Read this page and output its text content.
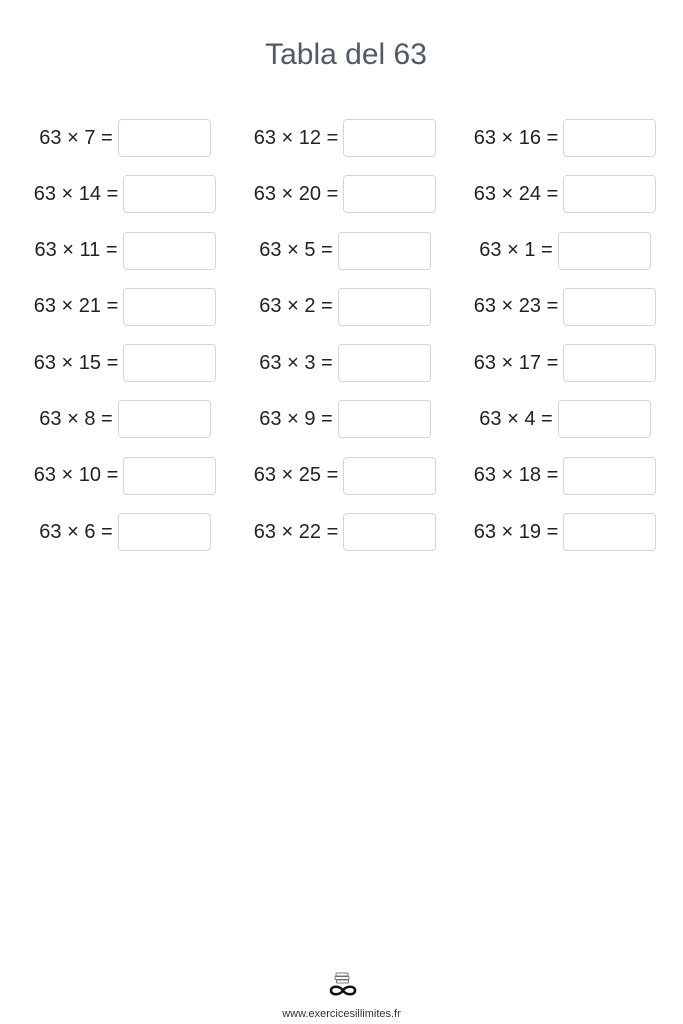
Tabla del 63
63 × 7 =	63 × 12 =	63 × 16 =
63 × 14 =	63 × 20 =	63 × 24 =
63 × 11 =	63 × 5 =	63 × 1 =
63 × 21 =	63 × 2 =	63 × 23 =
63 × 15 =	63 × 3 =	63 × 17 =
63 × 8 =	63 × 9 =	63 × 4 =
63 × 10 =	63 × 25 =	63 × 18 =
63 × 6 =	63 × 22 =	63 × 19 =
www.exercicesillimites.fr
